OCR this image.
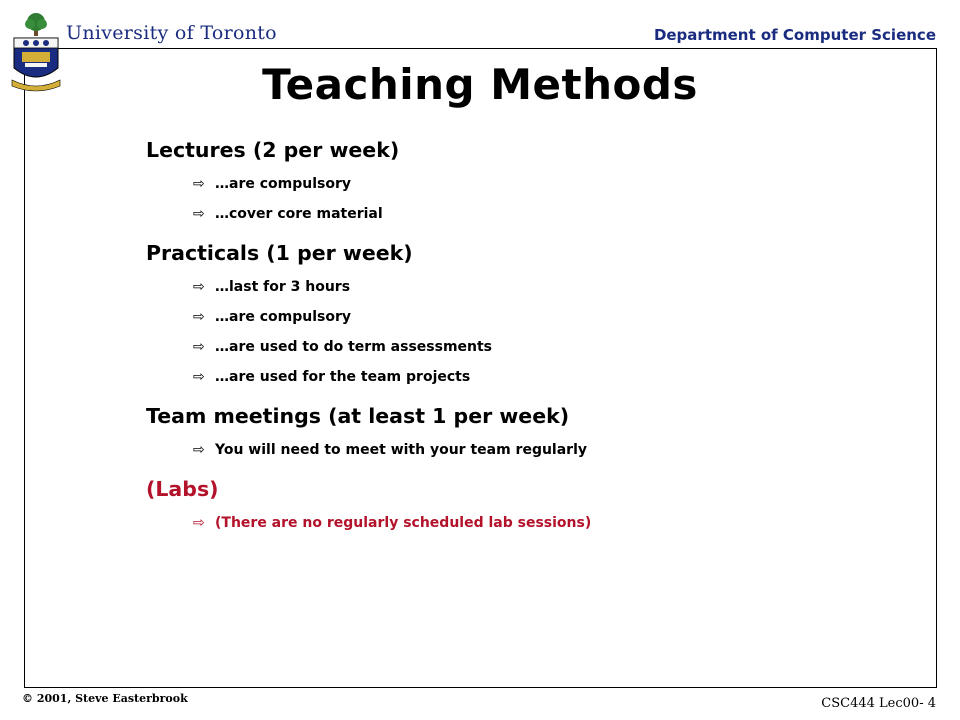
University of Toronto	Department of Computer Science
Teaching Methods

Lectures (2 per week)

⇨ …are compulsory
⇨ …cover core material

Practicals (1 per week)

⇨ …last for 3 hours
⇨ …are compulsory
⇨ …are used to do term assessments
⇨ …are used for the team projects

Team meetings (at least 1 per week)

⇨ You will need to meet with your team regularly

(Labs)

⇨ (There are no regularly scheduled lab sessions)
© 2001, Steve Easterbrook	CSC444 Lec00- 4
